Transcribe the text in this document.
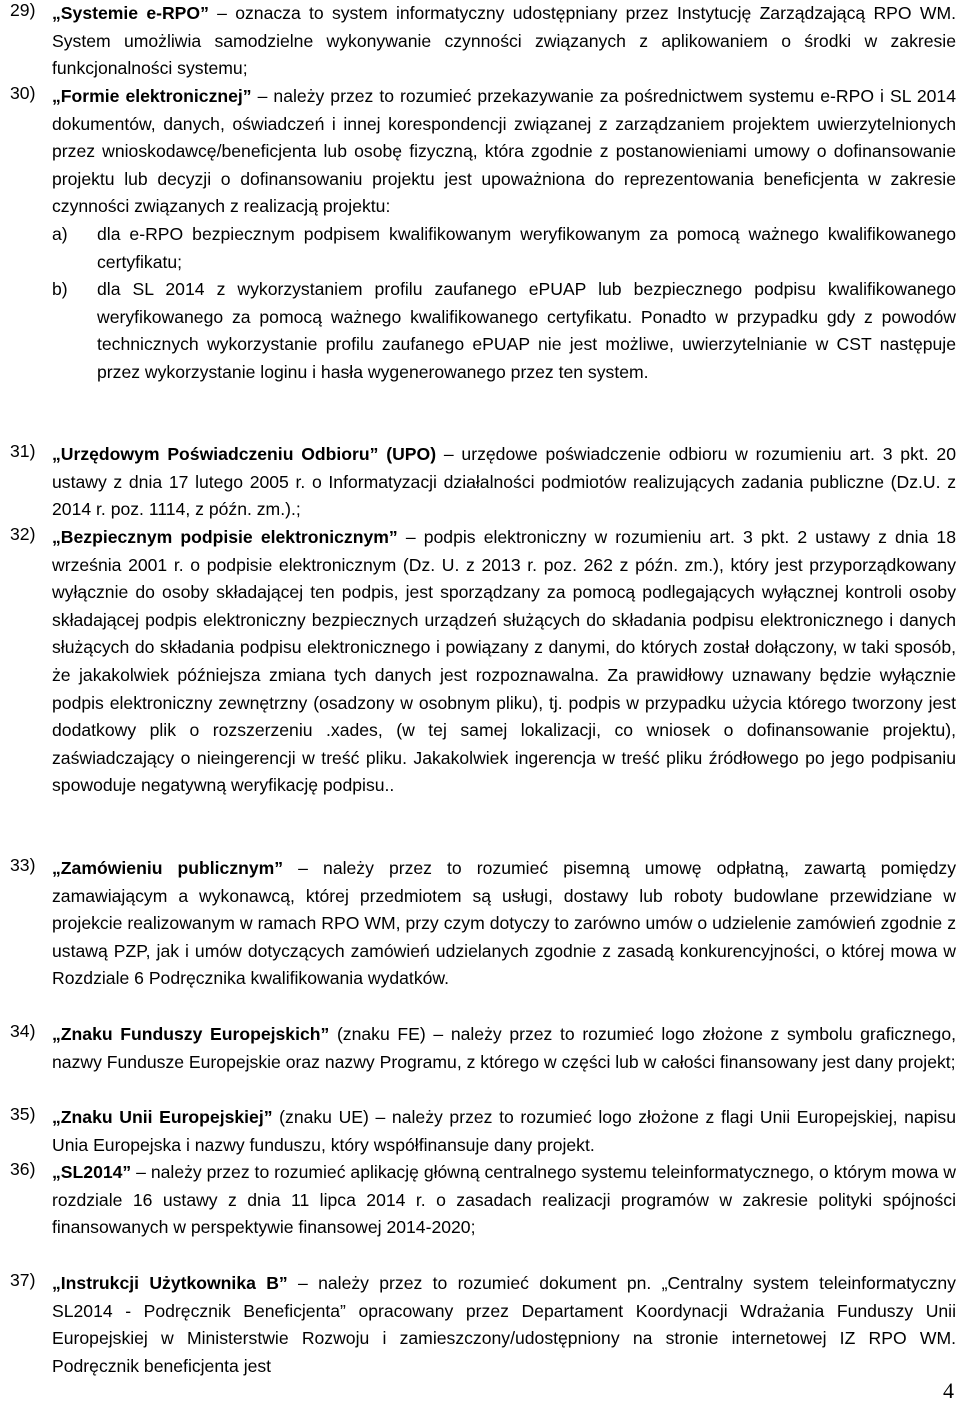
29) „Systemie e-RPO” – oznacza to system informatyczny udostępniany przez Instytucję Zarządzającą RPO WM. System umożliwia samodzielne wykonywanie czynności związanych z aplikowaniem o środki w zakresie funkcjonalności systemu;
30) „Formie elektronicznej” – należy przez to rozumieć przekazywanie za pośrednictwem systemu e-RPO i SL 2014 dokumentów, danych, oświadczeń i innej korespondencji związanej z zarządzaniem projektem uwierzytelnionych przez wnioskodawcę/beneficjenta lub osobę fizyczną, która zgodnie z postanowieniami umowy o dofinansowanie projektu lub decyzji o dofinansowaniu projektu jest upoważniona do reprezentowania beneficjenta w zakresie czynności związanych z realizacją projektu:
a) dla e-RPO bezpiecznym podpisem kwalifikowanym weryfikowanym za pomocą ważnego kwalifikowanego certyfikatu;
b) dla SL 2014 z wykorzystaniem profilu zaufanego ePUAP lub bezpiecznego podpisu kwalifikowanego weryfikowanego za pomocą ważnego kwalifikowanego certyfikatu. Ponadto w przypadku gdy z powodów technicznych wykorzystanie profilu zaufanego ePUAP nie jest możliwe, uwierzytelnianie w CST następuje przez wykorzystanie loginu i hasła wygenerowanego przez ten system.
31) „Urzędowym Poświadczeniu Odbioru” (UPO) – urzędowe poświadczenie odbioru w rozumieniu art. 3 pkt. 20 ustawy z dnia 17 lutego 2005 r. o Informatyzacji działalności podmiotów realizujących zadania publiczne (Dz.U. z 2014 r. poz. 1114, z późn. zm.).;
32) „Bezpiecznym podpisie elektronicznym” – podpis elektroniczny w rozumieniu art. 3 pkt. 2 ustawy z dnia 18 września 2001 r. o podpisie elektronicznym (Dz. U. z 2013 r. poz. 262 z późn. zm.), który jest przyporządkowany wyłącznie do osoby składającej ten podpis, jest sporządzany za pomocą podlegających wyłącznej kontroli osoby składającej podpis elektroniczny bezpiecznych urządzeń służących do składania podpisu elektronicznego i danych służących do składania podpisu elektronicznego i powiązany z danymi, do których został dołączony, w taki sposób, że jakakolwiek późniejsza zmiana tych danych jest rozpoznawalna. Za prawidłowy uznawany będzie wyłącznie podpis elektroniczny zewnętrzny (osadzony w osobnym pliku), tj. podpis w przypadku użycia którego tworzony jest dodatkowy plik o rozszerzeniu .xades, (w tej samej lokalizacji, co wniosek o dofinansowanie projektu), zaświadczający o nieingerencji w treść pliku. Jakakolwiek ingerencja w treść pliku źródłowego po jego podpisaniu spowoduje negatywną weryfikację podpisu..
33) „Zamówieniu publicznym” – należy przez to rozumieć pisemną umowę odpłatną, zawartą pomiędzy zamawiającym a wykonawcą, której przedmiotem są usługi, dostawy lub roboty budowlane przewidziane w projekcie realizowanym w ramach RPO WM, przy czym dotyczy to zarówno umów o udzielenie zamówień zgodnie z ustawą PZP, jak i umów dotyczących zamówień udzielanych zgodnie z zasadą konkurencyjności, o której mowa w Rozdziale 6 Podręcznika kwalifikowania wydatków.
34) „Znaku Funduszy Europejskich” (znaku FE) – należy przez to rozumieć logo złożone z symbolu graficznego, nazwy Fundusze Europejskie oraz nazwy Programu, z którego w części lub w całości finansowany jest dany projekt;
35) „Znaku Unii Europejskiej” (znaku UE) – należy przez to rozumieć logo złożone z flagi Unii Europejskiej, napisu Unia Europejska i nazwy funduszu, który współfinansuje dany projekt.
36) „SL2014” – należy przez to rozumieć aplikację główną centralnego systemu teleinformatycznego, o którym mowa w rozdziale 16 ustawy z dnia 11 lipca 2014 r. o zasadach realizacji programów w zakresie polityki spójności finansowanych w perspektywie finansowej 2014-2020;
37) „Instrukcji Użytkownika B” – należy przez to rozumieć dokument pn. „Centralny system teleinformatyczny SL2014 - Podręcznik Beneficjenta” opracowany przez Departament Koordynacji Wdrażania Funduszy Unii Europejskiej w Ministerstwie Rozwoju i zamieszczony/udostępniony na stronie internetowej IZ RPO WM. Podręcznik beneficjenta jest
4
